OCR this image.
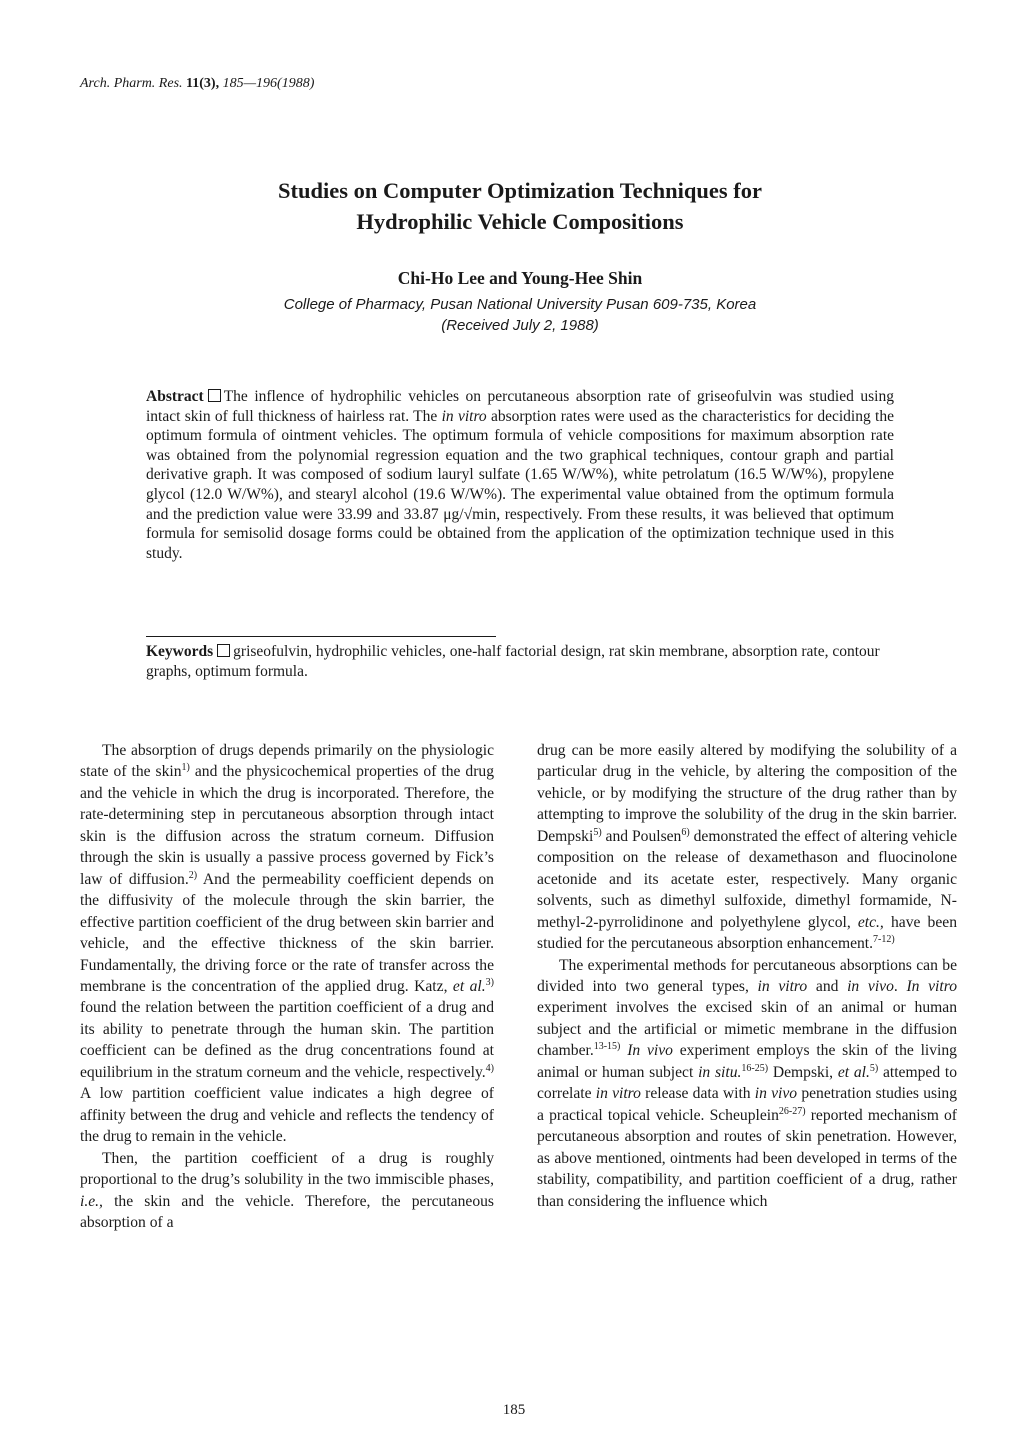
Arch. Pharm. Res. 11(3), 185—196(1988)
Studies on Computer Optimization Techniques for
Hydrophilic Vehicle Compositions
Chi-Ho Lee and Young-Hee Shin
College of Pharmacy, Pusan National University Pusan 609-735, Korea
(Received July 2, 1988)
Abstract The inflence of hydrophilic vehicles on percutaneous absorption rate of griseofulvin was studied using intact skin of full thickness of hairless rat. The in vitro absorption rates were used as the characteristics for deciding the optimum formula of ointment vehicles. The optimum formula of vehicle compositions for maximum absorption rate was obtained from the polynomial regression equation and the two graphical techniques, contour graph and partial derivative graph. It was composed of sodium lauryl sulfate (1.65 W/W%), white petrolatum (16.5 W/W%), propylene glycol (12.0 W/W%), and stearyl alcohol (19.6 W/W%). The experimental value obtained from the optimum formula and the prediction value were 33.99 and 33.87 μg/√min, respectively. From these results, it was believed that optimum formula for semisolid dosage forms could be obtained from the application of the optimization technique used in this study.
Keywords griseofulvin, hydrophilic vehicles, one-half factorial design, rat skin membrane, absorption rate, contour graphs, optimum formula.

The absorption of drugs depends primarily on the physiologic state of the skin$^{1)}$ and the physicochemical properties of the drug and the vehicle in which the drug is incorporated. Therefore, the rate-determining step in percutaneous absorption through intact skin is the diffusion across the stratum corneum. Diffusion through the skin is usually a passive process governed by Fick’s law of diffusion.$^{2)}$ And the permeability coefficient depends on the diffusivity of the molecule through the skin barrier, the effective partition coefficient of the drug between skin barrier and vehicle, and the effective thickness of the skin barrier. Fundamentally, the driving force or the rate of transfer across the membrane is the concentration of the applied drug. Katz, et al.$^{3)}$ found the relation between the partition coefficient of a drug and its ability to penetrate through the human skin. The partition coefficient can be defined as the drug concentrations found at equilibrium in the stratum corneum and the vehicle, respectively.$^{4)}$ A low partition coefficient value indicates a high degree of affinity between the drug and vehicle and reflects the tendency of the drug to remain in the vehicle.

Then, the partition coefficient of a drug is roughly proportional to the drug’s solubility in the two immiscible phases, i.e., the skin and the vehicle. Therefore, the percutaneous absorption of a

drug can be more easily altered by modifying the solubility of a particular drug in the vehicle, by altering the composition of the vehicle, or by modifying the structure of the drug rather than by attempting to improve the solubility of the drug in the skin barrier. Dempski$^{5)}$ and Poulsen$^{6)}$ demonstrated the effect of altering vehicle composition on the release of dexamethason and fluocinolone acetonide and its acetate ester, respectively. Many organic solvents, such as dimethyl sulfoxide, dimethyl formamide, N-methyl-2-pyrrolidinone and polyethylene glycol, etc., have been studied for the percutaneous absorption enhancement.$^{7-12)}$

The experimental methods for percutaneous absorptions can be divided into two general types, in vitro and in vivo. In vitro experiment involves the excised skin of an animal or human subject and the artificial or mimetic membrane in the diffusion chamber.$^{13-15)}$ In vivo experiment employs the skin of the living animal or human subject in situ.$^{16-25)}$ Dempski, et al.$^{5)}$ attemped to correlate in vitro release data with in vivo penetration studies using a practical topical vehicle. Scheuplein$^{26-27)}$ reported mechanism of percutaneous absorption and routes of skin penetration. However, as above mentioned, ointments had been developed in terms of the stability, compatibility, and partition coefficient of a drug, rather than considering the influence which

185
